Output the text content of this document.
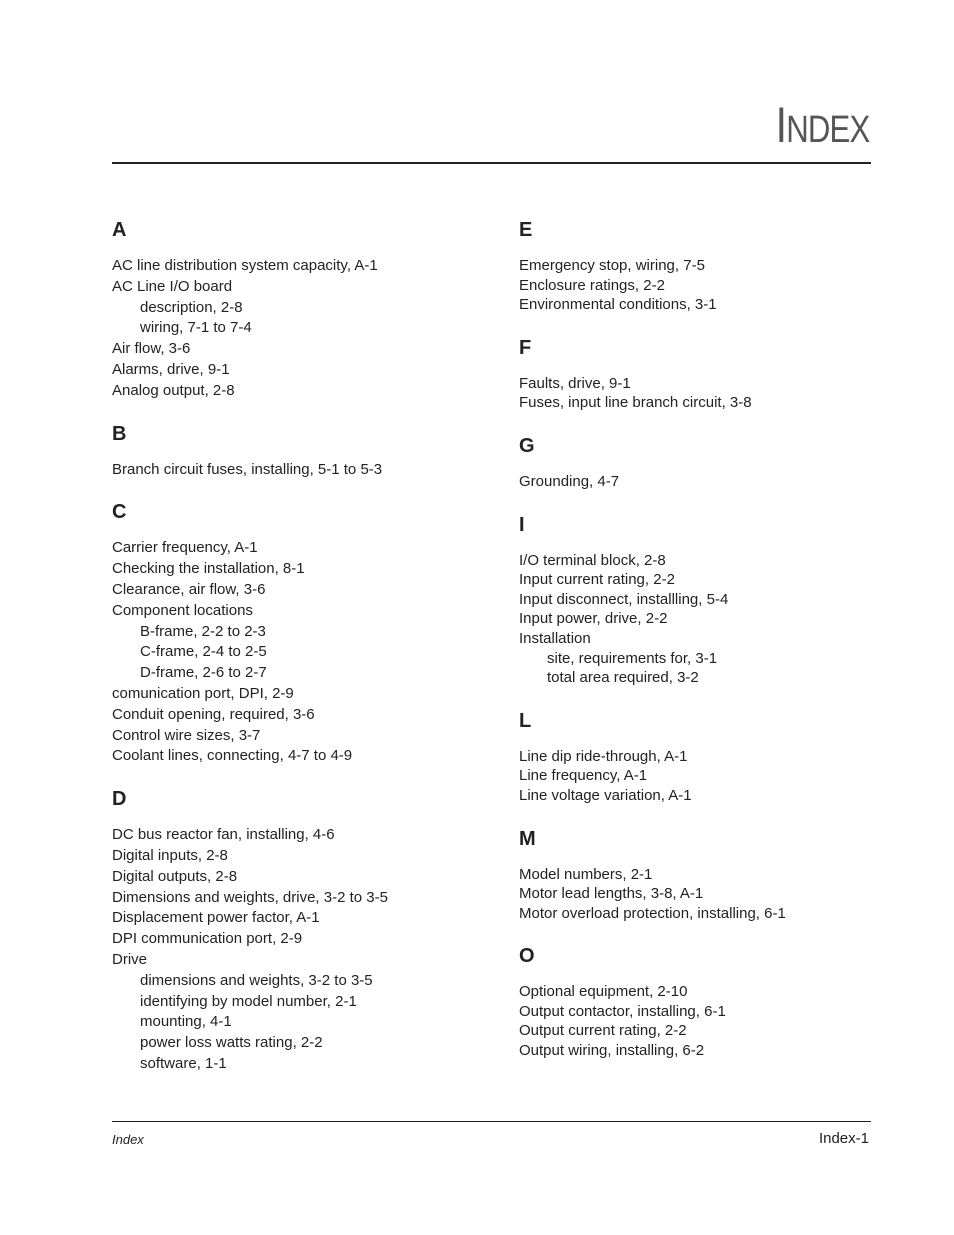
INDEX
A
AC line distribution system capacity, A-1
AC Line I/O board
description, 2-8
wiring, 7-1 to 7-4
Air flow, 3-6
Alarms, drive, 9-1
Analog output, 2-8
B
Branch circuit fuses, installing, 5-1 to 5-3
C
Carrier frequency, A-1
Checking the installation, 8-1
Clearance, air flow, 3-6
Component locations
B-frame, 2-2 to 2-3
C-frame, 2-4 to 2-5
D-frame, 2-6 to 2-7
comunication port, DPI, 2-9
Conduit opening, required, 3-6
Control wire sizes, 3-7
Coolant lines, connecting, 4-7 to 4-9
D
DC bus reactor fan, installing, 4-6
Digital inputs, 2-8
Digital outputs, 2-8
Dimensions and weights, drive, 3-2 to 3-5
Displacement power factor, A-1
DPI communication port, 2-9
Drive
dimensions and weights, 3-2 to 3-5
identifying by model number, 2-1
mounting, 4-1
power loss watts rating, 2-2
software, 1-1
E
Emergency stop, wiring, 7-5
Enclosure ratings, 2-2
Environmental conditions, 3-1
F
Faults, drive, 9-1
Fuses, input line branch circuit, 3-8
G
Grounding, 4-7
I
I/O terminal block, 2-8
Input current rating, 2-2
Input disconnect, installling, 5-4
Input power, drive, 2-2
Installation
site, requirements for, 3-1
total area required, 3-2
L
Line dip ride-through, A-1
Line frequency, A-1
Line voltage variation, A-1
M
Model numbers, 2-1
Motor lead lengths, 3-8, A-1
Motor overload protection, installing, 6-1
O
Optional equipment, 2-10
Output contactor, installing, 6-1
Output current rating, 2-2
Output wiring, installing, 6-2
Index	Index-1
